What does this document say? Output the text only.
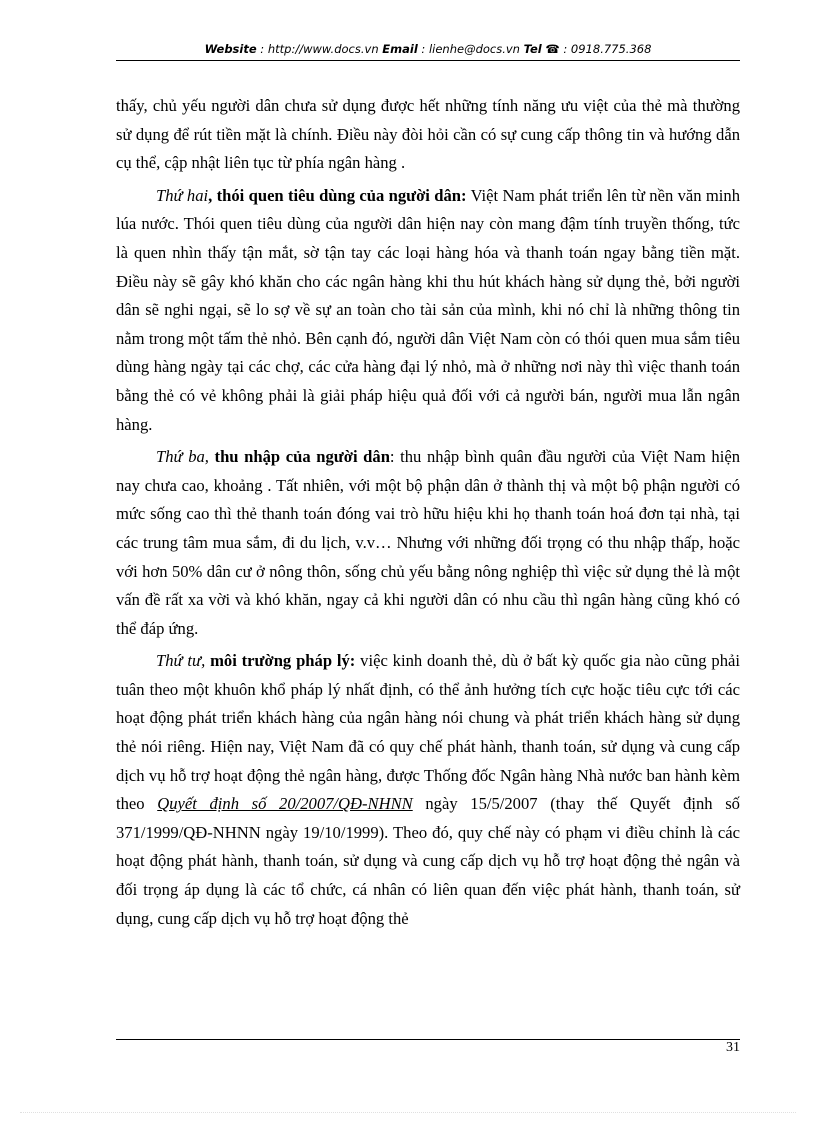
Website : http://www.docs.vn Email : lienhe@docs.vn Tel ☎ : 0918.775.368

thấy, chủ yếu người dân chưa sử dụng được hết những tính năng ưu việt của thẻ mà thường sử dụng để rút tiền mặt là chính. Điều này đòi hỏi cần có sự cung cấp thông tin và hướng dẫn cụ thể, cập nhật liên tục từ phía ngân hàng .

Thứ hai, thói quen tiêu dùng của người dân: Việt Nam phát triển lên từ nền văn minh lúa nước. Thói quen tiêu dùng của người dân hiện nay còn mang đậm tính truyền thống, tức là quen nhìn thấy tận mắt, sờ tận tay các loại hàng hóa và thanh toán ngay bằng tiền mặt. Điều này sẽ gây khó khăn cho các ngân hàng khi thu hút khách hàng sử dụng thẻ, bởi người dân sẽ nghi ngại, sẽ lo sợ về sự an toàn cho tài sản của mình, khi nó chỉ là những thông tin nằm trong một tấm thẻ nhỏ. Bên cạnh đó, người dân Việt Nam còn có thói quen mua sắm tiêu dùng hàng ngày tại các chợ, các cửa hàng đại lý nhỏ, mà ở những nơi này thì việc thanh toán bằng thẻ có vẻ không phải là giải pháp hiệu quả đối với cả người bán, người mua lẫn ngân hàng.

Thứ ba, thu nhập của người dân: thu nhập bình quân đầu người của Việt Nam hiện nay chưa cao, khoảng . Tất nhiên, với một bộ phận dân ở thành thị và một bộ phận người có mức sống cao thì thẻ thanh toán đóng vai trò hữu hiệu khi họ thanh toán hoá đơn tại nhà, tại các trung tâm mua sắm, đi du lịch, v.v… Nhưng với những đối trọng có thu nhập thấp, hoặc với hơn 50% dân cư ở nông thôn, sống chủ yếu bằng nông nghiệp thì việc sử dụng thẻ là một vấn đề rất xa vời và khó khăn, ngay cả khi người dân có nhu cầu thì ngân hàng cũng khó có thể đáp ứng.

Thứ tư, môi trường pháp lý: việc kinh doanh thẻ, dù ở bất kỳ quốc gia nào cũng phải tuân theo một khuôn khổ pháp lý nhất định, có thể ảnh hưởng tích cực hoặc tiêu cực tới các hoạt động phát triển khách hàng của ngân hàng nói chung và phát triển khách hàng sử dụng thẻ nói riêng. Hiện nay, Việt Nam đã có quy chế phát hành, thanh toán, sử dụng và cung cấp dịch vụ hỗ trợ hoạt động thẻ ngân hàng, được Thống đốc Ngân hàng Nhà nước ban hành kèm theo Quyết định số 20/2007/QĐ-NHNN ngày 15/5/2007 (thay thế Quyết định số 371/1999/QĐ-NHNN ngày 19/10/1999). Theo đó, quy chế này có phạm vi điều chỉnh là các hoạt động phát hành, thanh toán, sử dụng và cung cấp dịch vụ hỗ trợ hoạt động thẻ ngân và đối trọng áp dụng là các tổ chức, cá nhân có liên quan đến việc phát hành, thanh toán, sử dụng, cung cấp dịch vụ hỗ trợ hoạt động thẻ

31
